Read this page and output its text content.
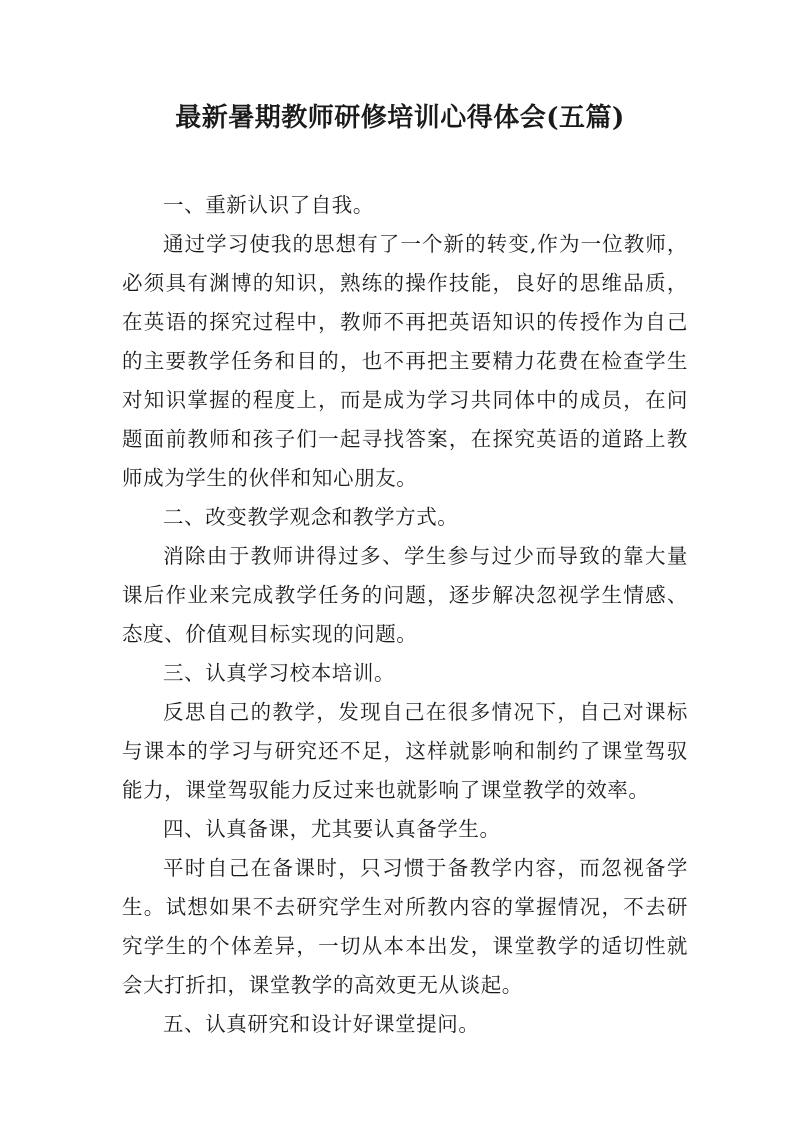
最新暑期教师研修培训心得体会(五篇)

一、重新认识了自我。

通过学习使我的思想有了一个新的转变,作为一位教师，必须具有渊博的知识，熟练的操作技能，良好的思维品质，在英语的探究过程中，教师不再把英语知识的传授作为自己的主要教学任务和目的，也不再把主要精力花费在检查学生对知识掌握的程度上，而是成为学习共同体中的成员，在问题面前教师和孩子们一起寻找答案，在探究英语的道路上教师成为学生的伙伴和知心朋友。

二、改变教学观念和教学方式。

消除由于教师讲得过多、学生参与过少而导致的靠大量课后作业来完成教学任务的问题，逐步解决忽视学生情感、态度、价值观目标实现的问题。

三、认真学习校本培训。

反思自己的教学，发现自己在很多情况下，自己对课标与课本的学习与研究还不足，这样就影响和制约了课堂驾驭能力，课堂驾驭能力反过来也就影响了课堂教学的效率。

四、认真备课，尤其要认真备学生。

平时自己在备课时，只习惯于备教学内容，而忽视备学生。试想如果不去研究学生对所教内容的掌握情况，不去研究学生的个体差异，一切从本本出发，课堂教学的适切性就会大打折扣，课堂教学的高效更无从谈起。

五、认真研究和设计好课堂提问。
